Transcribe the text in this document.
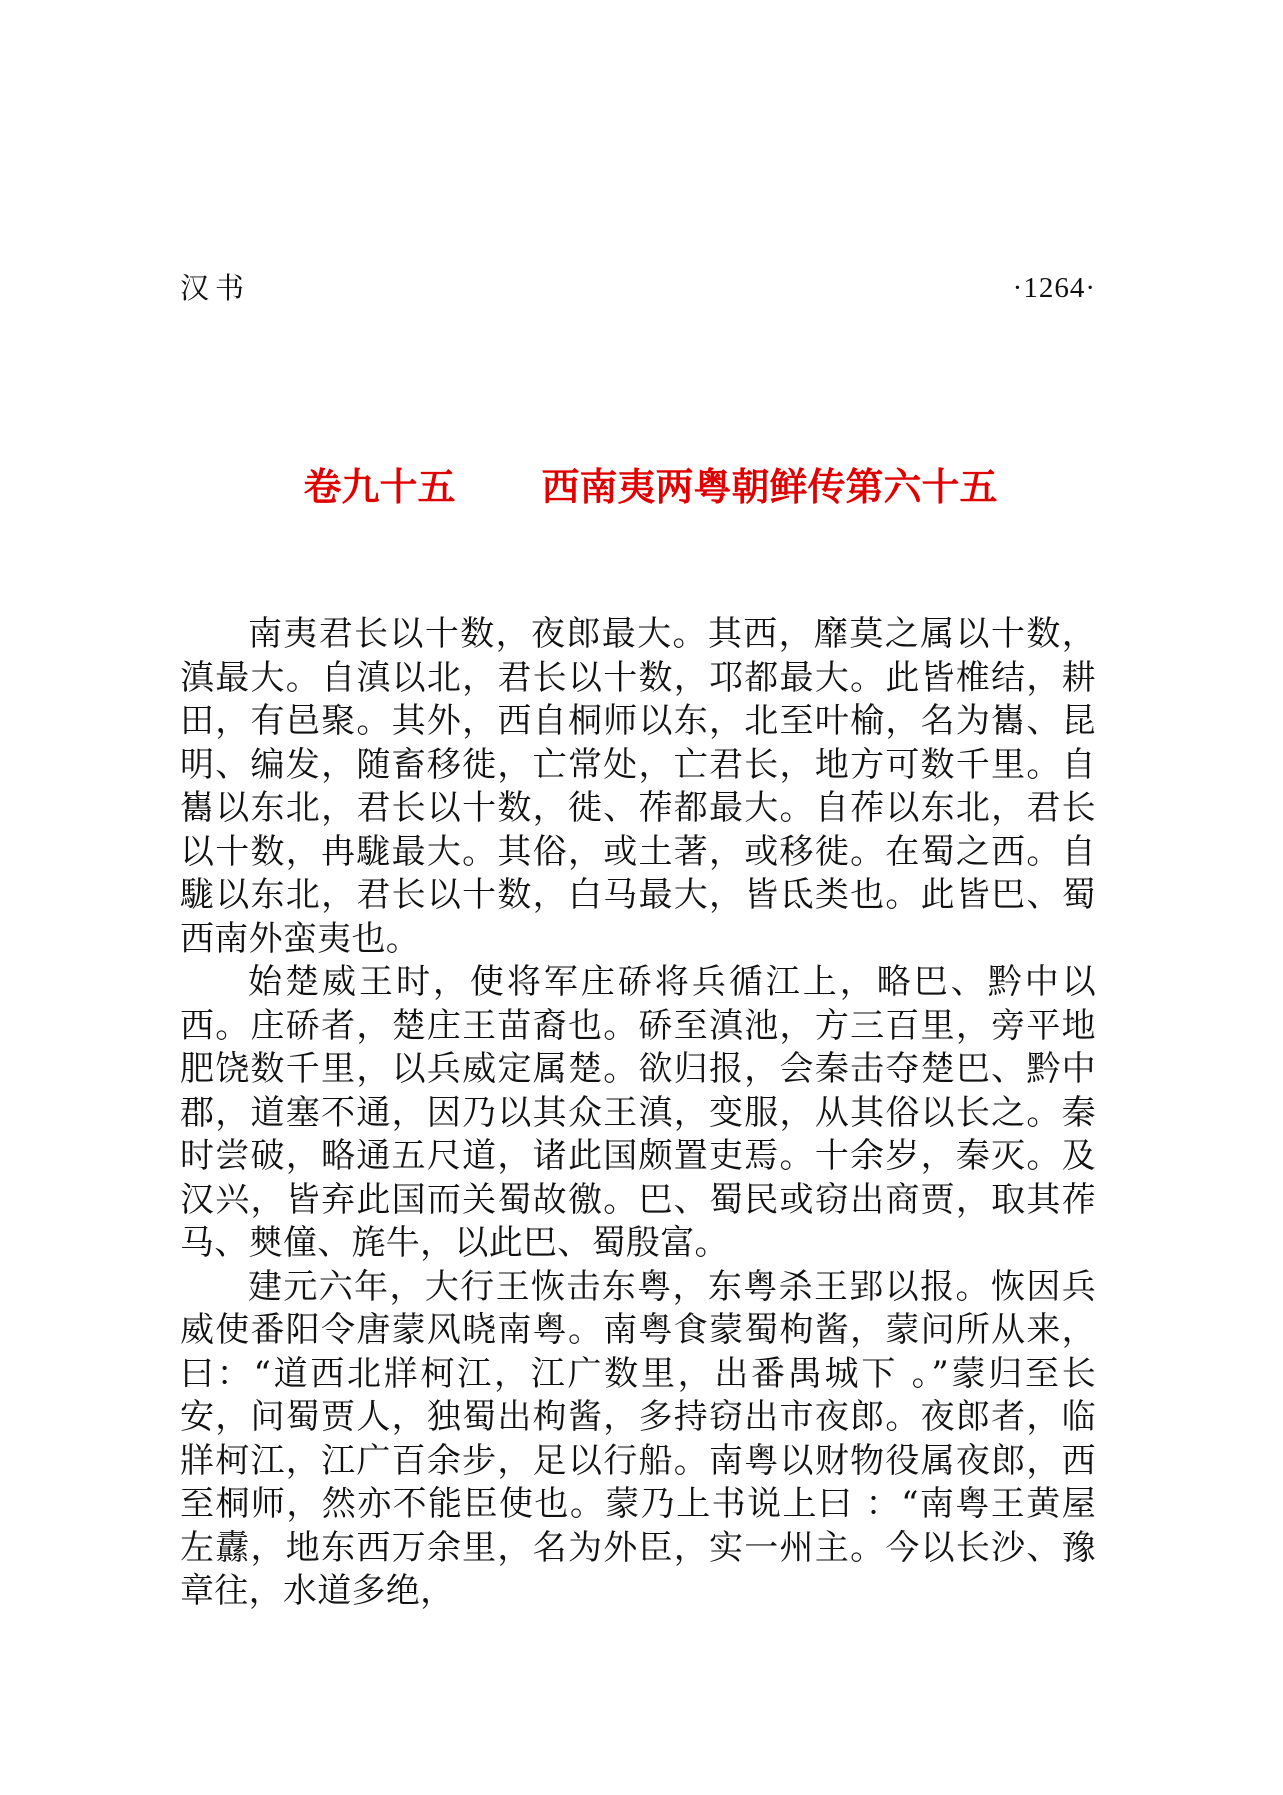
汉书	·1264·
卷九十五 西南夷两粤朝鲜传第六十五

南夷君长以十数，夜郎最大。其西，靡莫之属以十数，滇最大。自滇以北，君长以十数，邛都最大。此皆椎结，耕田，有邑聚。其外，西自桐师以东，北至叶榆，名为巂、昆明、编发，随畜移徙，亡常处，亡君长，地方可数千里。自巂以东北，君长以十数，徙、莋都最大。自莋以东北，君长以十数，冉駹最大。其俗，或土著，或移徙。在蜀之西。自駹以东北，君长以十数，白马最大，皆氐类也。此皆巴、蜀西南外蛮夷也。

始楚威王时，使将军庄硚将兵循江上，略巴、黔中以西。庄硚者，楚庄王苗裔也。硚至滇池，方三百里，旁平地肥饶数千里，以兵威定属楚。欲归报，会秦击夺楚巴、黔中郡，道塞不通，因乃以其众王滇，变服，从其俗以长之。秦时尝破，略通五尺道，诸此国颇置吏焉。十余岁，秦灭。及汉兴，皆弃此国而关蜀故徼。巴、蜀民或窃出商贾，取其莋马、僰僮、旄牛，以此巴、蜀殷富。

建元六年，大行王恢击东粤，东粤杀王郢以报。恢因兵威使番阳令唐蒙风晓南粤。南粤食蒙蜀枸酱，蒙问所从来，曰：“道西北牂柯江，江广数里，出番禺城下 。”蒙归至长安，问蜀贾人，独蜀出枸酱，多持窃出市夜郎。夜郎者，临牂柯江，江广百余步，足以行船。南粤以财物役属夜郎，西至桐师，然亦不能臣使也。蒙乃上书说上曰 ：“南粤王黄屋左纛，地东西万余里，名为外臣，实一州主。今以长沙、豫章往，水道多绝，
